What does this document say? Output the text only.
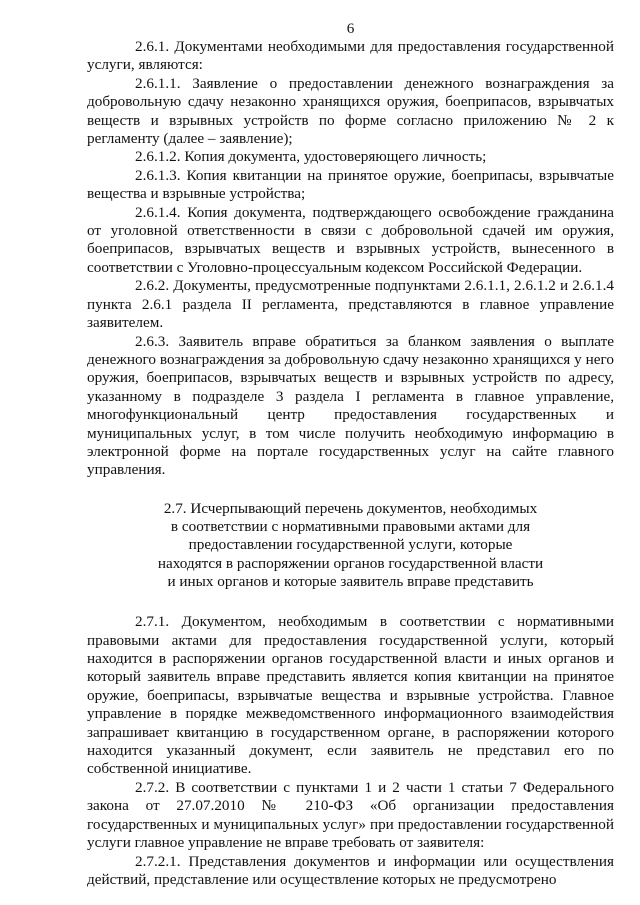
6

2.6.1. Документами необходимыми для предоставления государственной услуги, являются:

2.6.1.1. Заявление о предоставлении денежного вознаграждения за добровольную сдачу незаконно хранящихся оружия, боеприпасов, взрывчатых веществ и взрывных устройств по форме согласно приложению № 2 к регламенту (далее – заявление);

2.6.1.2. Копия документа, удостоверяющего личность;

2.6.1.3. Копия квитанции на принятое оружие, боеприпасы, взрывчатые вещества и взрывные устройства;

2.6.1.4. Копия документа, подтверждающего освобождение гражданина от уголовной ответственности в связи с добровольной сдачей им оружия, боеприпасов, взрывчатых веществ и взрывных устройств, вынесенного в соответствии с Уголовно-процессуальным кодексом Российской Федерации.

2.6.2. Документы, предусмотренные подпунктами 2.6.1.1, 2.6.1.2 и 2.6.1.4 пункта 2.6.1 раздела II регламента, представляются в главное управление заявителем.

2.6.3. Заявитель вправе обратиться за бланком заявления о выплате денежного вознаграждения за добровольную сдачу незаконно хранящихся у него оружия, боеприпасов, взрывчатых веществ и взрывных устройств по адресу, указанному в подразделе 3 раздела I регламента в главное управление, многофункциональный центр предоставления государственных и муниципальных услуг, в том числе получить необходимую информацию в электронной форме на портале государственных услуг на сайте главного управления.

2.7. Исчерпывающий перечень документов, необходимых
в соответствии с нормативными правовыми актами для
предоставлении государственной услуги, которые
находятся в распоряжении органов государственной власти
и иных органов и которые заявитель вправе представить

2.7.1. Документом, необходимым в соответствии с нормативными правовыми актами для предоставления государственной услуги, который находится в распоряжении органов государственной власти и иных органов и который заявитель вправе представить является копия квитанции на принятое оружие, боеприпасы, взрывчатые вещества и взрывные устройства. Главное управление в порядке межведомственного информационного взаимодействия запрашивает квитанцию в государственном органе, в распоряжении которого находится указанный документ, если заявитель не представил его по собственной инициативе.

2.7.2. В соответствии с пунктами 1 и 2 части 1 статьи 7 Федерального закона от 27.07.2010 № 210-ФЗ «Об организации предоставления государственных и муниципальных услуг» при предоставлении государственной услуги главное управление не вправе требовать от заявителя:

2.7.2.1. Представления документов и информации или осуществления действий, представление или осуществление которых не предусмотрено
